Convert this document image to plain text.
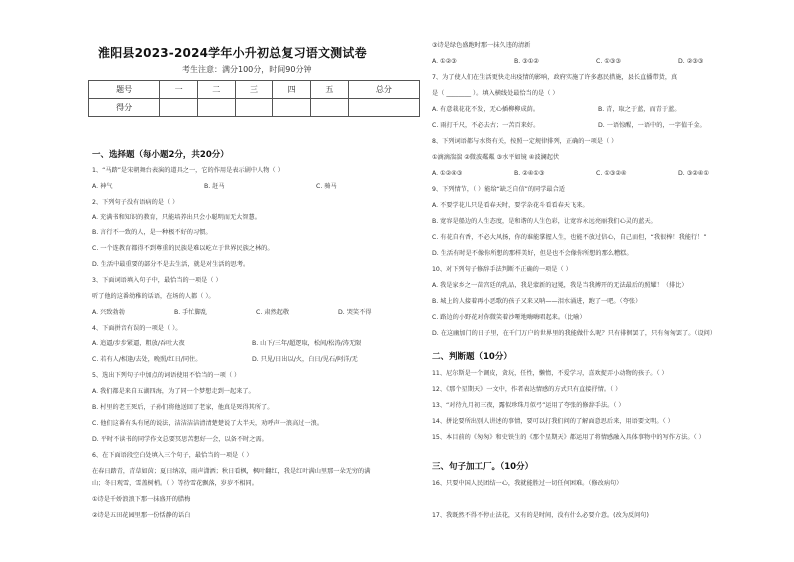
淮阳县2023-2024学年小升初总复习语文测试卷
考生注意：满分100分，时间90分钟
题号	一	二	三	四	五	总分
得分						
一、选择题（每小题2分，共20分）
1、“马踏”是宋朝舞台表演的道具之一，它的作用是表示剧中人物（ ）
A. 神气	B. 赶马	C. 骑马
2、下列句子没有语病的是（ ）
A. 充满书和知识的教育，只能培养出只会小聪明而无大智慧。
B. 言行不一致的人，是一种极不好的习惯。
C. 一个连教育都得不到尊重的民族是难以屹立于世界民族之林的。
D. 生活中最重要的部分不是去生活，就是对生活的思考。
3、下面词语填入句子中，最恰当的一项是（ ）
听了他的这番幼稚的话语，在场的人都（ ）。
A. 兴致勃勃	B. 手忙脚乱	C. 肃然起敬	D. 哭笑不得
4、下面拼音有误的一项是（ ）。
A. 追逼/步步紧逼，粗放/吞吐大夜	B. 山下/三年/超逻取，松间/松涛/涛无限
C. 若有人/相逢/去处，晚照/红日/同住。	D. 只见/日出以/火，白日/见石/阿洋/无
5、选出下列句子中加点的词语使用不恰当的一项（ ）
A. 我们都是来自五湖四海，为了同一个梦想走到一起来了。
B. 村里的老王死后，子孙们将他送回了老家，他真是死得其所了。
C. 他们这番有头有尾的说法，洁洁洁洁清清楚楚说了大半天，劝呼声一浪高过一浪。
D. 平时不读书的同学作文总要冥思苦想好一会，以备不时之需。
6、在下面语段空白处填入三个句子，最恰当的一项是（ ）
在春日踏青，青草如茵；夏日纳凉，雨声潇洒；秋日看枫，枫叶翻红，我是红叶满山里那一朵无穷的满
山；冬日观雪，雪盖树梢。（ ）等待雪花飘落，岁岁不相同。
①诗是千娇浪浪下那一抹盛开的腊梅
②诗是五田花园里那一份恬静的话白
③诗是绿色盛跑时那一抹久违的清新
A. ①②③	B. ③①②	C. ①③③	D. ②③③
7、为了使人们在生活更快走出疫情的影响，政府实施了许多惠民措施，县长直播带货，真
是（ ________ ）。填入横线处最恰当的是（ ）
A. 有意栽花花不发，无心插柳柳成荫。	B. 青，取之于蓝，而青于蓝。
C. 雨打千尺，不必去古；一苦百来好。	D. 一语惊醒，一语中的，一字值千金。
8、下列词语都与水资有关，按照一定规律排列，正确的一项是（ ）
①滴滴湍湍 ②微波粼粼 ③水平如镜 ④波澜起伏
A. ①②④③	B. ②④①③	C. ①③②④	D. ③②④①
9、下列情节，（ ）能给“缺乏自信”的同学最合适
A. 不要学花儿只是看春天时，要学杂花斗看看春天飞来。
B. 宽容是船边的人生态度，是和谐的人生色彩，让宽容永远亮丽我们心灵的蓝天。
C. 有花自有香，不必大风扬，你的谁能掌握人生，也能不放过信心，自己而但，“我很棒！我能行！”
D. 生活有时是不像你所想的那样美好，但是也不会像你所想的那么糟糕。
10、对下列句子修辞手法判断不正确的一项是（ ）
A. 我是家乡之一苗宫廷的乳品，我是蒙新的冠冕，我是当我搏开的无法最后的照耀！（排比）
B. 城上的人接着再小恶歌的孩子又来又呐——泪水涌进，跑了一吧。（夸张）
C. 路边的小野花对你微笑着沙哑地嗨嗨唱起来。（比喻）
D. 在这幽加门的日子里，在千门万户的世界里的我能做什么呢？只有徘徊罢了，只有匆匆罢了。（设问）
二、判断题（10分）
11、尼尔斯是一个调皮，贪玩，任性，懒惰，不爱学习，喜欢捉弄小动物的孩子。（ ）
12、《那个星期天》一文中，作者表达情感的方式只有直接抒情。（ ）
13、“对待九月初三夜，露似珍珠月似弓”运用了夸张的修辞手法。（ ）
14、拼论要所出别人讲述的事情，要可以打我们问的了解面意思后来，用语要文明。（ ）
15、本目前的《匆匆》和史铁生的《那个星期天》都运用了将情感融入具体事物中的写作方法。（ ）
三、句子加工厂。（10分）
16、只要中国人民团结一心，我就能胜过一切任何困难。（修改病句）
17、我既然不得不停止法花，又有的是时间，没有什么必要介意。(改为反问句)
